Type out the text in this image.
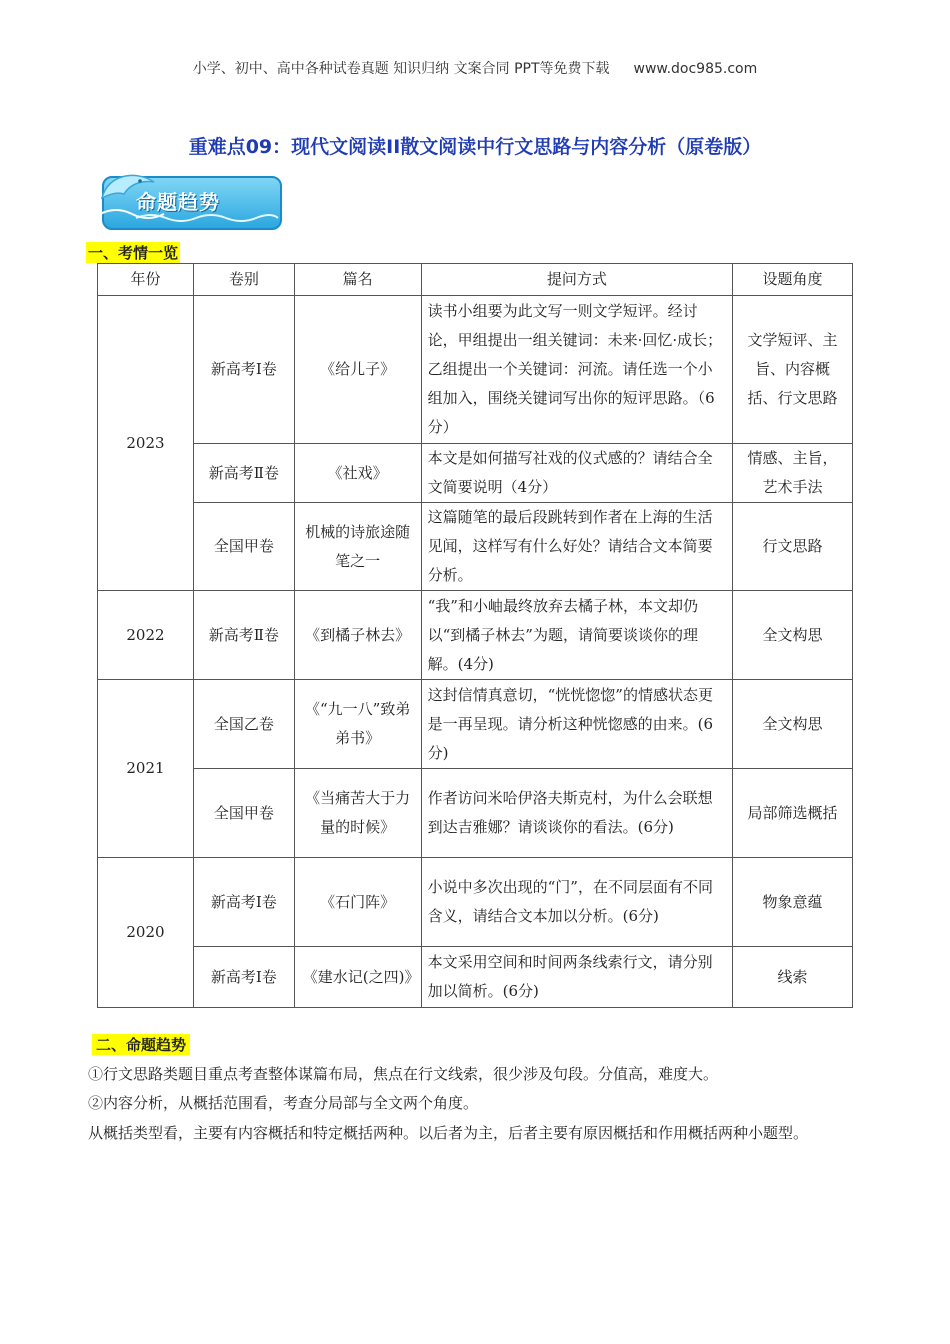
小学、初中、高中各种试卷真题 知识归纳 文案合同 PPT等免费下载 www.doc985.com
重难点09：现代文阅读II散文阅读中行文思路与内容分析（原卷版）
命题趋势
一、考情一览
年份	卷别	篇名	提问方式	设题角度
2023	新高考I卷	《给儿子》	读书小组要为此文写一则文学短评。经讨论，甲组提出一组关键词：未来·回忆·成长；乙组提出一个关键词：河流。请任选一个小组加入，围绕关键词写出你的短评思路。（6分）	文学短评、主旨、内容概括、行文思路
	新高考Ⅱ卷	《社戏》	本文是如何描写社戏的仪式感的？请结合全文简要说明（4分）	情感、主旨，艺术手法
	全国甲卷	机械的诗旅途随笔之一	这篇随笔的最后段跳转到作者在上海的生活见闻，这样写有什么好处？请结合文本简要分析。	行文思路
2022	新高考Ⅱ卷	《到橘子林去》	“我”和小岫最终放弃去橘子林，本文却仍以“到橘子林去”为题，请简要谈谈你的理解。(4分)	全文构思
2021	全国乙卷	《“九一八”致弟弟书》	这封信情真意切，“恍恍惚惚”的情感状态更是一再呈现。请分析这种恍惚感的由来。(6分)	全文构思
	全国甲卷	《当痛苦大于力量的时候》	作者访问米哈伊洛夫斯克村，为什么会联想到达吉雅娜？请谈谈你的看法。(6分)	局部筛选概括
2020	新高考Ⅰ卷	《石门阵》	小说中多次出现的“门”，在不同层面有不同含义，请结合文本加以分析。(6分)	物象意蕴
	新高考I卷	《建水记(之四)》	本文采用空间和时间两条线索行文，请分别加以简析。(6分)	线索
二、命题趋势
①行文思路类题目重点考查整体谋篇布局，焦点在行文线索，很少涉及句段。分值高，难度大。
②内容分析，从概括范围看，考查分局部与全文两个角度。
从概括类型看，主要有内容概括和特定概括两种。以后者为主，后者主要有原因概括和作用概括两种小题型。
